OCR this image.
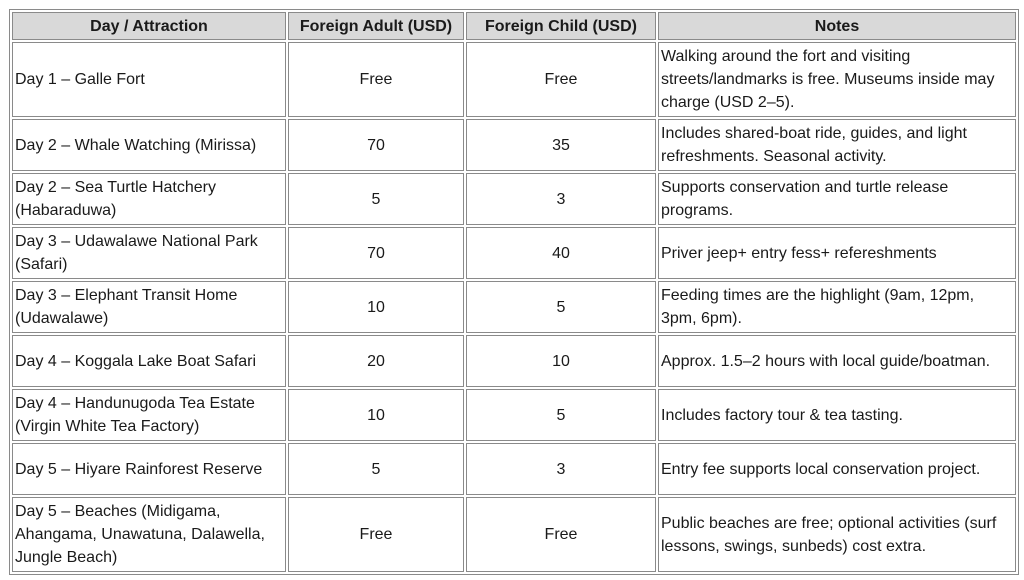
Day / Attraction	Foreign Adult (USD)	Foreign Child (USD)	Notes
Day 1 – Galle Fort	Free	Free	Walking around the fort and visiting streets/landmarks is free. Museums inside may charge (USD 2–5).
Day 2 – Whale Watching (Mirissa)	70	35	Includes shared-boat ride, guides, and light refreshments. Seasonal activity.
Day 2 – Sea Turtle Hatchery (Habaraduwa)	5	3	Supports conservation and turtle release programs.
Day 3 – Udawalawe National Park (Safari)	70	40	Priver jeep+ entry fess+ refereshments
Day 3 – Elephant Transit Home (Udawalawe)	10	5	Feeding times are the highlight (9am, 12pm, 3pm, 6pm).
Day 4 – Koggala Lake Boat Safari	20	10	Approx. 1.5–2 hours with local guide/boatman.
Day 4 – Handunugoda Tea Estate (Virgin White Tea Factory)	10	5	Includes factory tour & tea tasting.
Day 5 – Hiyare Rainforest Reserve	5	3	Entry fee supports local conservation project.
Day 5 – Beaches (Midigama, Ahangama, Unawatuna, Dalawella, Jungle Beach)	Free	Free	Public beaches are free; optional activities (surf lessons, swings, sunbeds) cost extra.
